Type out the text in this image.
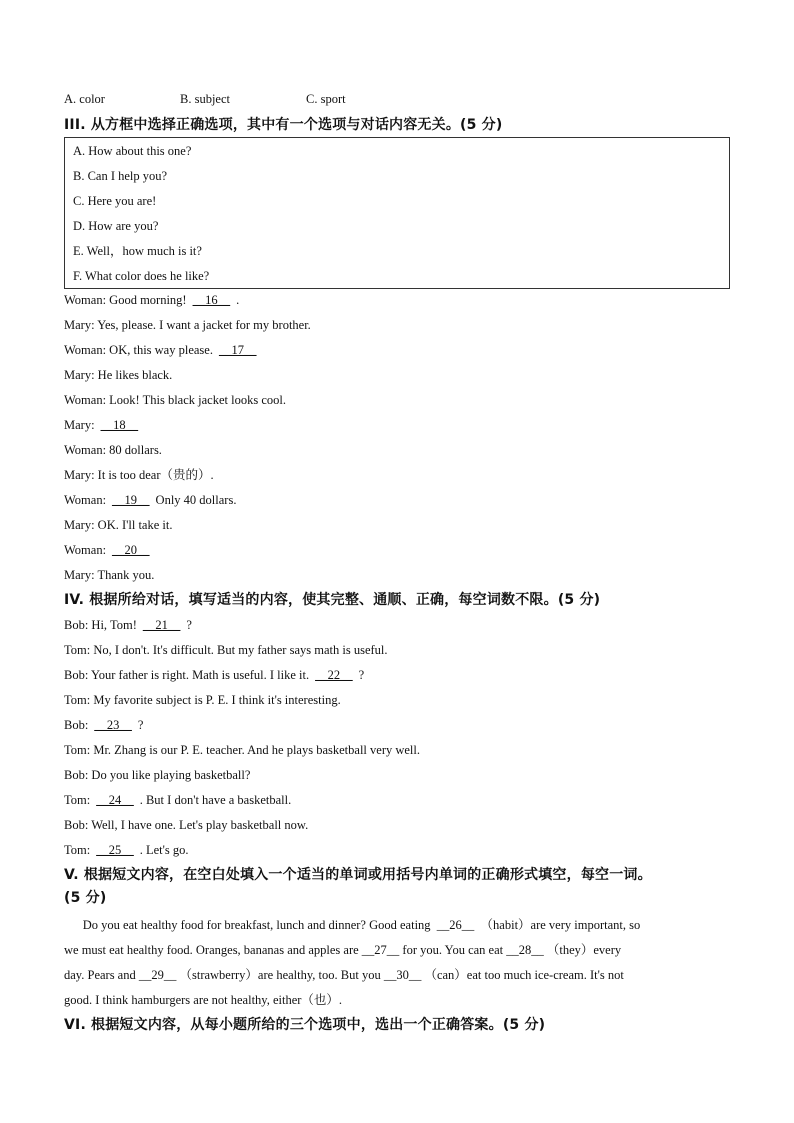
A. color	B. subject	C. sport
III. 从方框中选择正确选项，其中有一个选项与对话内容无关。(5 分)
A. How about this one?
B. Can I help you?
C. Here you are!
D. How are you?
E. Well，how much is it?
F. What color does he like?
Woman: Good morning! __16__ .
Mary: Yes, please. I want a jacket for my brother.
Woman: OK, this way please. __17__
Mary: He likes black.
Woman: Look! This black jacket looks cool.
Mary: __18__
Woman: 80 dollars.
Mary: It is too dear（贵的）.
Woman: __19__ Only 40 dollars.
Mary: OK. I'll take it.
Woman: __20__
Mary: Thank you.
IV. 根据所给对话，填写适当的内容，使其完整、通顺、正确，每空词数不限。(5 分)
Bob: Hi, Tom! __21__ ?
Tom: No, I don't. It's difficult. But my father says math is useful.
Bob: Your father is right. Math is useful. I like it. __22__ ?
Tom: My favorite subject is P. E. I think it's interesting.
Bob: __23__ ?
Tom: Mr. Zhang is our P. E. teacher. And he plays basketball very well.
Bob: Do you like playing basketball?
Tom: __24__ . But I don't have a basketball.
Bob: Well, I have one. Let's play basketball now.
Tom: __25__ . Let's go.
V. 根据短文内容，在空白处填入一个适当的单词或用括号内单词的正确形式填空，每空一词。
(5 分)
Do you eat healthy food for breakfast, lunch and dinner? Good eating  __26__  （habit）are very important, so
we must eat healthy food. Oranges, bananas and apples are __27__ for you. You can eat __28__ （they）every
day. Pears and __29__ （strawberry）are healthy, too. But you __30__ （can）eat too much ice-cream. It's not
good. I think hamburgers are not healthy, either（也）.
VI. 根据短文内容，从每小题所给的三个选项中，选出一个正确答案。(5 分)
